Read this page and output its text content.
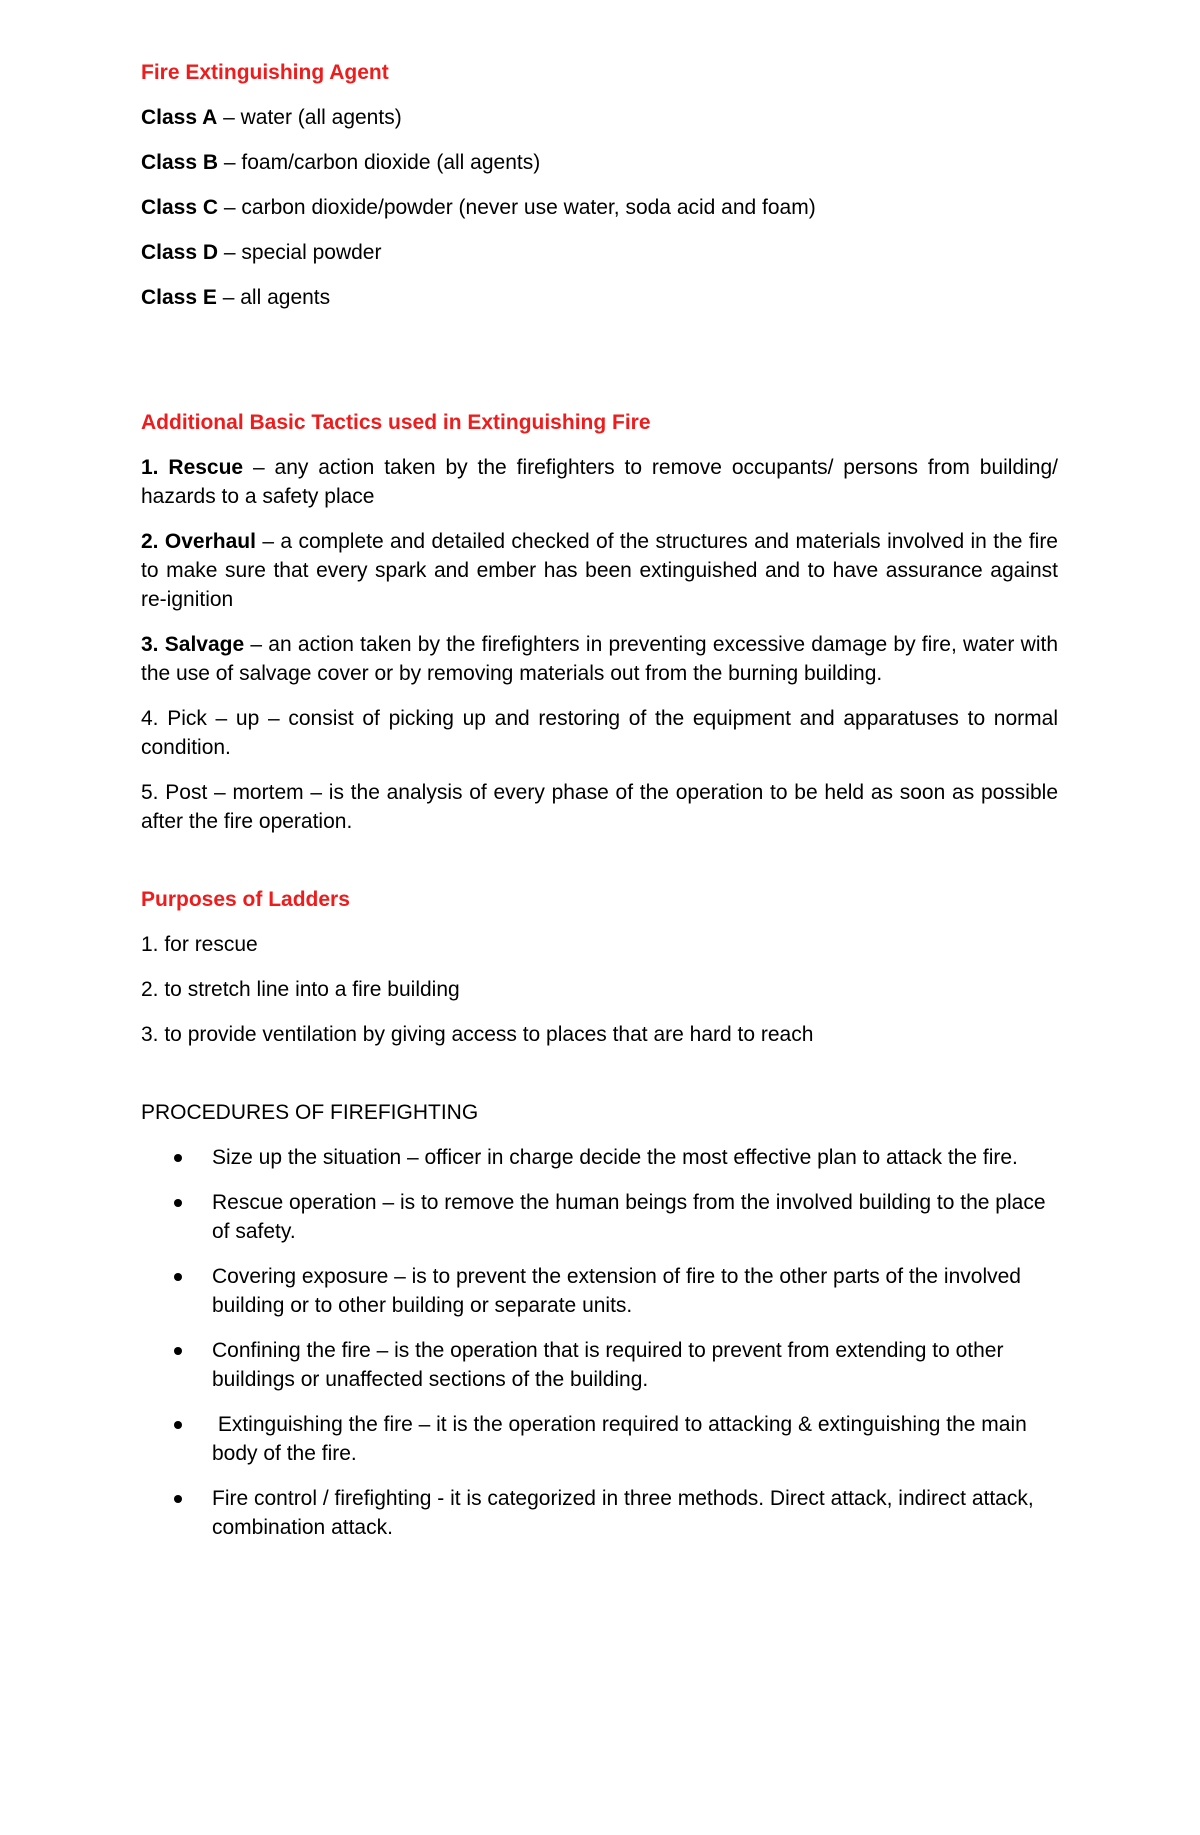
Fire Extinguishing Agent
Class A – water (all agents)
Class B – foam/carbon dioxide (all agents)
Class C – carbon dioxide/powder (never use water, soda acid and foam)
Class D – special powder
Class E – all agents
Additional Basic Tactics used in Extinguishing Fire
1. Rescue – any action taken by the firefighters to remove occupants/ persons from building/ hazards to a safety place
2. Overhaul – a complete and detailed checked of the structures and materials involved in the fire to make sure that every spark and ember has been extinguished and to have assurance against re-ignition
3. Salvage – an action taken by the firefighters in preventing excessive damage by fire, water with the use of salvage cover or by removing materials out from the burning building.
4. Pick – up – consist of picking up and restoring of the equipment and apparatuses to normal condition.
5. Post – mortem – is the analysis of every phase of the operation to be held as soon as possible after the fire operation.
Purposes of Ladders
1. for rescue
2. to stretch line into a fire building
3. to provide ventilation by giving access to places that are hard to reach
PROCEDURES OF FIREFIGHTING
Size up the situation – officer in charge decide the most effective plan to attack the fire.
Rescue operation – is to remove the human beings from the involved building to the place of safety.
Covering exposure – is to prevent the extension of fire to the other parts of the involved building or to other building or separate units.
Confining the fire – is the operation that is required to prevent from extending to other buildings or unaffected sections of the building.
Extinguishing the fire – it is the operation required to attacking & extinguishing the main body of the fire.
Fire control / firefighting - it is categorized in three methods. Direct attack, indirect attack, combination attack.
